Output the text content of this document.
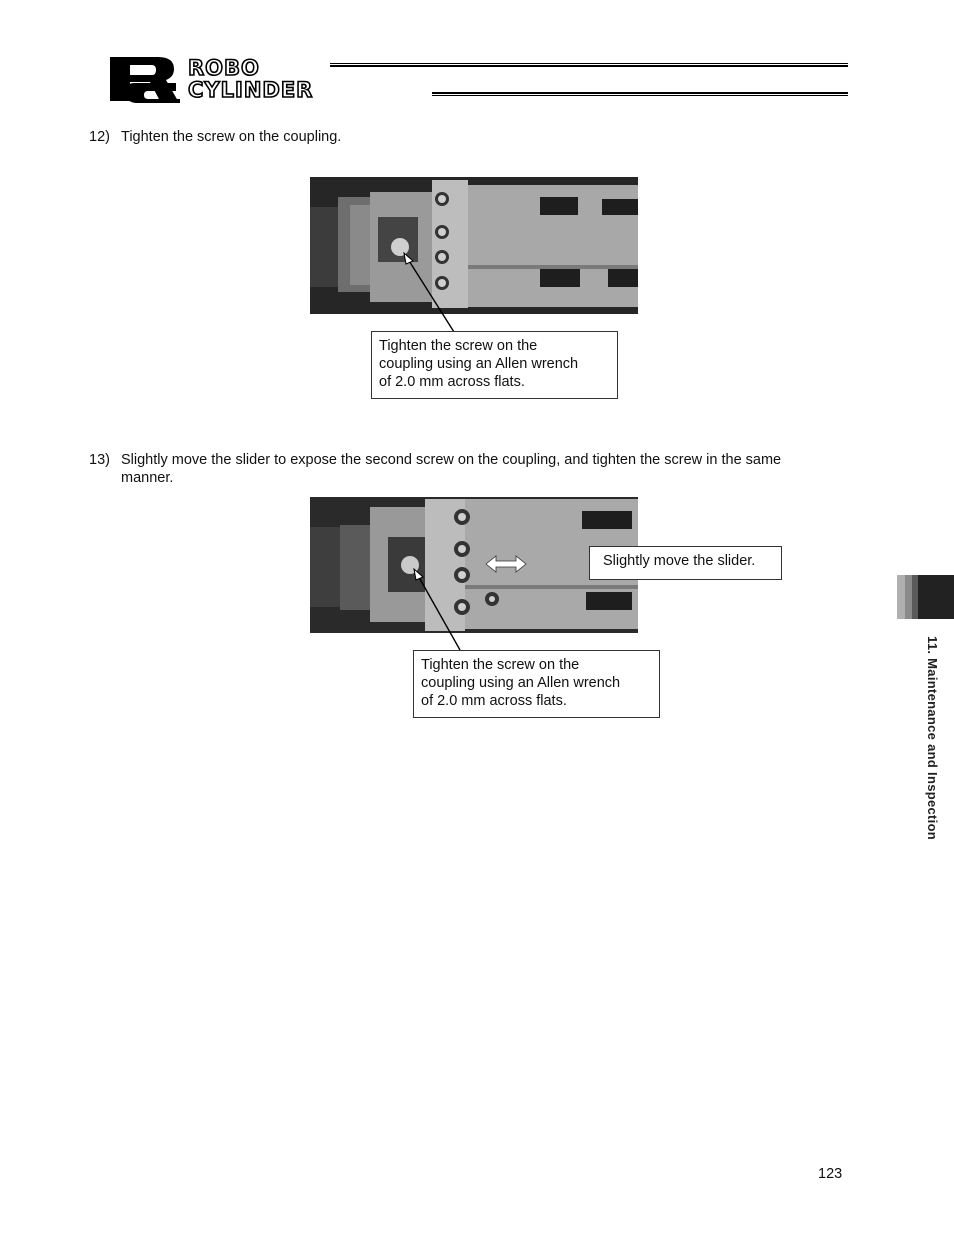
ROBO
CYLINDER
12) Tighten the screw on the coupling.
Tighten the screw on the
coupling using an Allen wrench
of 2.0 mm across flats.
13) Slightly move the slider to expose the second screw on the coupling, and tighten the screw in the same
manner.
Slightly move the slider.
Tighten the screw on the
coupling using an Allen wrench
of 2.0 mm across flats.	11. Maintenance and Inspection
123
